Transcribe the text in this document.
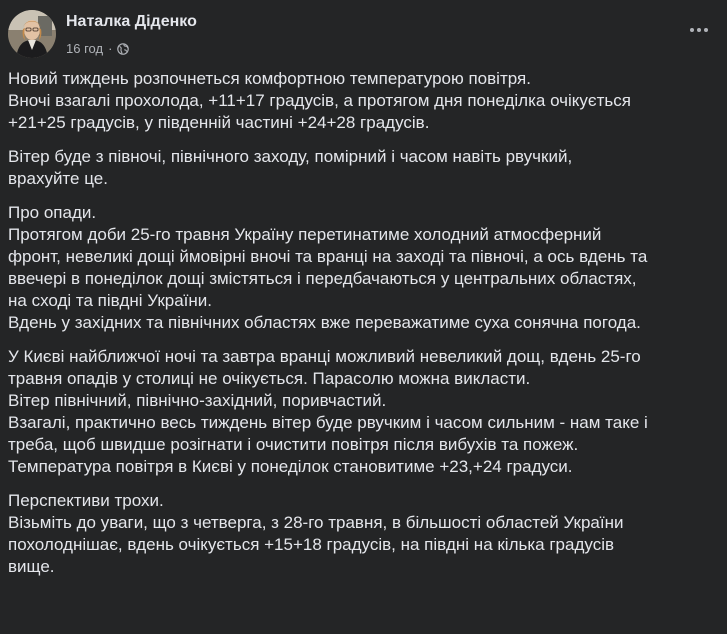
Наталка Діденко
16 год ·

Новий тиждень розпочнеться комфортною температурою повітря.
Вночі взагалі прохолода, +11+17 градусів, а протягом дня понеділка очікується
+21+25 градусів, у південній частині +24+28 градусів.

Вітер буде з півночі, північного заходу, помірний і часом навіть рвучкий,
врахуйте це.

Про опади.
Протягом доби 25-го травня Україну перетинатиме холодний атмосферний
фронт, невеликі дощі ймовірні вночі та вранці на заході та півночі, а ось вдень та
ввечері в понеділок дощі змістяться і передбачаються у центральних областях,
на сході та півдні України.
Вдень у західних та північних областях вже переважатиме суха сонячна погода.

У Києві найближчої ночі та завтра вранці можливий невеликий дощ, вдень 25-го
травня опадів у столиці не очікується. Парасолю можна викласти.
Вітер північний, північно-західний, поривчастий.
Взагалі, практично весь тиждень вітер буде рвучким і часом сильним - нам таке і
треба, щоб швидше розігнати і очистити повітря після вибухів та пожеж.
Температура повітря в Києві у понеділок становитиме +23,+24 градуси.

Перспективи трохи.
Візьміть до уваги, що з четверга, з 28-го травня, в більшості областей України
похолоднішає, вдень очікується +15+18 градусів, на півдні на кілька градусів
вище.
